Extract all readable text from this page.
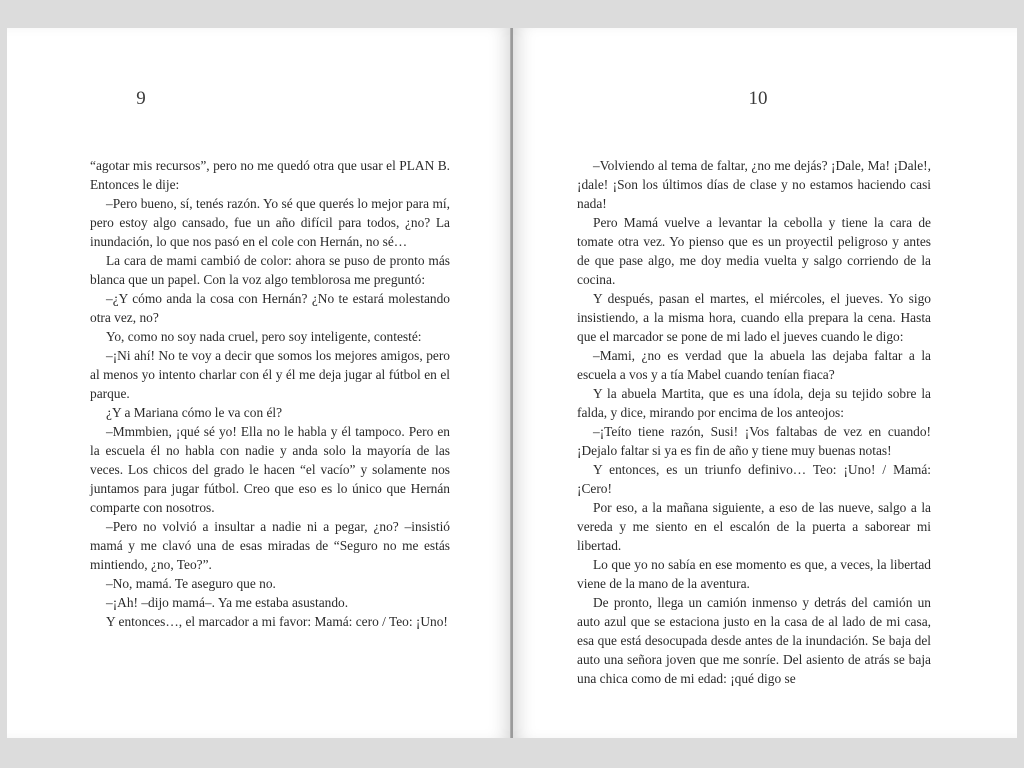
9

“agotar mis recursos”, pero no me quedó otra que usar el PLAN B. Entonces le dije:

–Pero bueno, sí, tenés razón. Yo sé que querés lo mejor para mí, pero estoy algo cansado, fue un año difícil para todos, ¿no? La inundación, lo que nos pasó en el cole con Hernán, no sé…

La cara de mami cambió de color: ahora se puso de pronto más blanca que un papel. Con la voz algo temblorosa me preguntó:

–¿Y cómo anda la cosa con Hernán? ¿No te estará molestando otra vez, no?

Yo, como no soy nada cruel, pero soy inteligente, contesté:

–¡Ni ahí! No te voy a decir que somos los mejores amigos, pero al menos yo intento charlar con él y él me deja jugar al fútbol en el parque.

¿Y a Mariana cómo le va con él?

–Mmmbien, ¡qué sé yo! Ella no le habla y él tampoco. Pero en la escuela él no habla con nadie y anda solo la mayoría de las veces. Los chicos del grado le hacen “el vacío” y solamente nos juntamos para jugar fútbol. Creo que eso es lo único que Hernán comparte con nosotros.

–Pero no volvió a insultar a nadie ni a pegar, ¿no? –insistió mamá y me clavó una de esas miradas de “Seguro no me estás mintiendo, ¿no, Teo?”.

–No, mamá. Te aseguro que no.

–¡Ah! –dijo mamá–. Ya me estaba asustando.

Y entonces…, el marcador a mi favor: Mamá: cero / Teo: ¡Uno!

10

–Volviendo al tema de faltar, ¿no me dejás? ¡Dale, Ma! ¡Dale!, ¡dale! ¡Son los últimos días de clase y no estamos haciendo casi nada!

Pero Mamá vuelve a levantar la cebolla y tiene la cara de tomate otra vez. Yo pienso que es un proyectil peligroso y antes de que pase algo, me doy media vuelta y salgo corriendo de la cocina.

Y después, pasan el martes, el miércoles, el jueves. Yo sigo insistiendo, a la misma hora, cuando ella prepara la cena. Hasta que el marcador se pone de mi lado el jueves cuando le digo:

–Mami, ¿no es verdad que la abuela las dejaba faltar a la escuela a vos y a tía Mabel cuando tenían fiaca?

Y la abuela Martita, que es una ídola, deja su tejido sobre la falda, y dice, mirando por encima de los anteojos:

–¡Teíto tiene razón, Susi! ¡Vos faltabas de vez en cuando! ¡Dejalo faltar si ya es fin de año y tiene muy buenas notas!

Y entonces, es un triunfo definivo… Teo: ¡Uno! / Mamá: ¡Cero!

Por eso, a la mañana siguiente, a eso de las nueve, salgo a la vereda y me siento en el escalón de la puerta a saborear mi libertad.

Lo que yo no sabía en ese momento es que, a veces, la libertad viene de la mano de la aventura.

De pronto, llega un camión inmenso y detrás del camión un auto azul que se estaciona justo en la casa de al lado de mi casa, esa que está desocupada desde antes de la inundación. Se baja del auto una señora joven que me sonríe. Del asiento de atrás se baja una chica como de mi edad: ¡qué digo se
